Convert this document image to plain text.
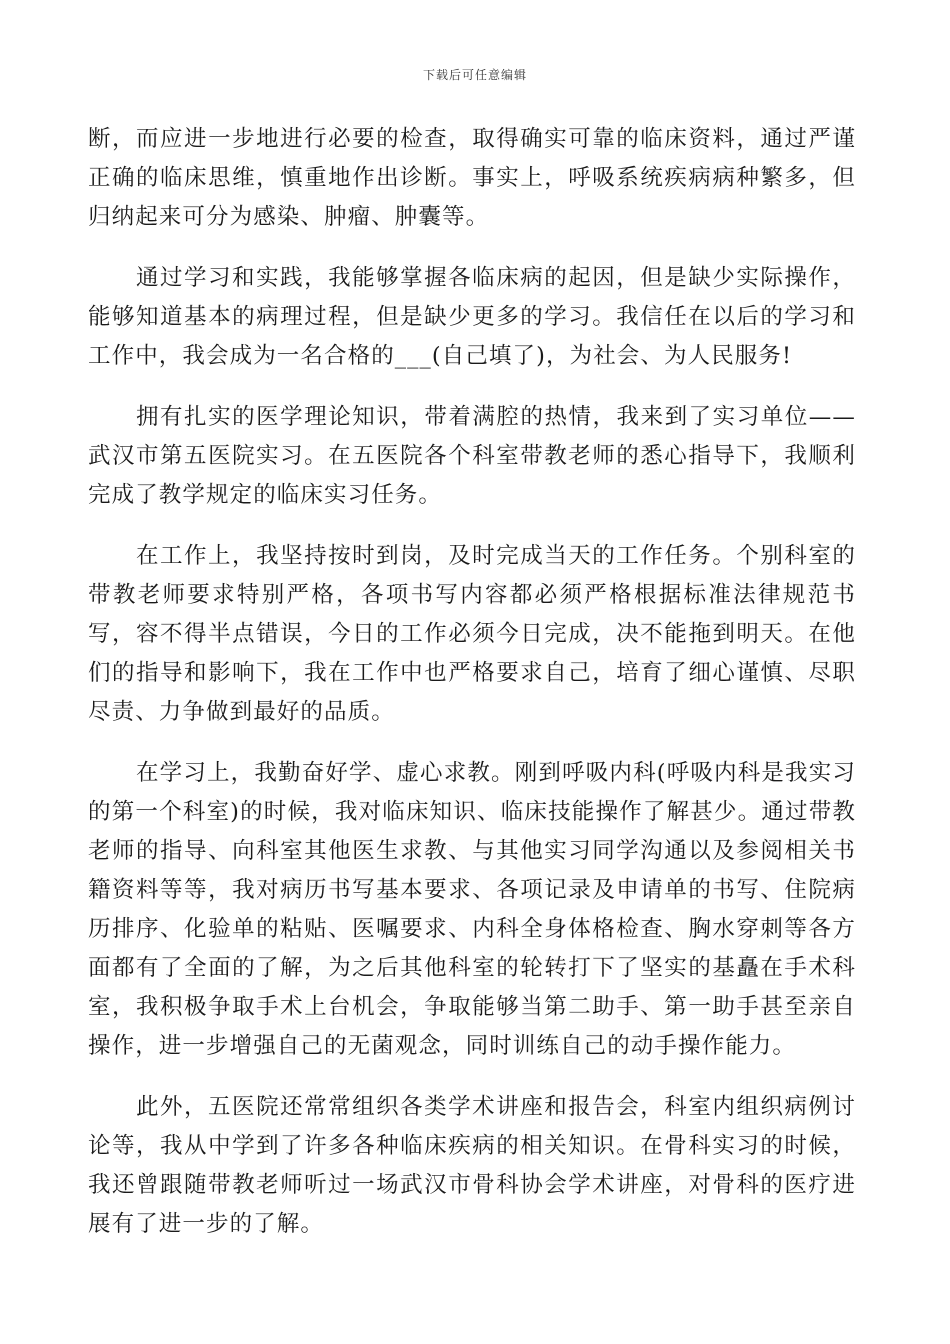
下载后可任意编辑

断，而应进一步地进行必要的检查，取得确实可靠的临床资料，通过严谨正确的临床思维，慎重地作出诊断。事实上，呼吸系统疾病病种繁多，但归纳起来可分为感染、肿瘤、肿囊等。

通过学习和实践，我能够掌握各临床病的起因，但是缺少实际操作，能够知道基本的病理过程，但是缺少更多的学习。我信任在以后的学习和工作中，我会成为一名合格的___(自己填了)，为社会、为人民服务!

拥有扎实的医学理论知识，带着满腔的热情，我来到了实习单位——武汉市第五医院实习。在五医院各个科室带教老师的悉心指导下，我顺利完成了教学规定的临床实习任务。

在工作上，我坚持按时到岗，及时完成当天的工作任务。个别科室的带教老师要求特别严格，各项书写内容都必须严格根据标准法律规范书写，容不得半点错误，今日的工作必须今日完成，决不能拖到明天。在他们的指导和影响下，我在工作中也严格要求自己，培育了细心谨慎、尽职尽责、力争做到最好的品质。

在学习上，我勤奋好学、虚心求教。刚到呼吸内科(呼吸内科是我实习的第一个科室)的时候，我对临床知识、临床技能操作了解甚少。通过带教老师的指导、向科室其他医生求教、与其他实习同学沟通以及参阅相关书籍资料等等，我对病历书写基本要求、各项记录及申请单的书写、住院病历排序、化验单的粘贴、医嘱要求、内科全身体格检查、胸水穿刺等各方面都有了全面的了解，为之后其他科室的轮转打下了坚实的基矗在手术科室，我积极争取手术上台机会，争取能够当第二助手、第一助手甚至亲自操作，进一步增强自己的无菌观念，同时训练自己的动手操作能力。

此外，五医院还常常组织各类学术讲座和报告会，科室内组织病例讨论等，我从中学到了许多各种临床疾病的相关知识。在骨科实习的时候，我还曾跟随带教老师听过一场武汉市骨科协会学术讲座，对骨科的医疗进展有了进一步的了解。
